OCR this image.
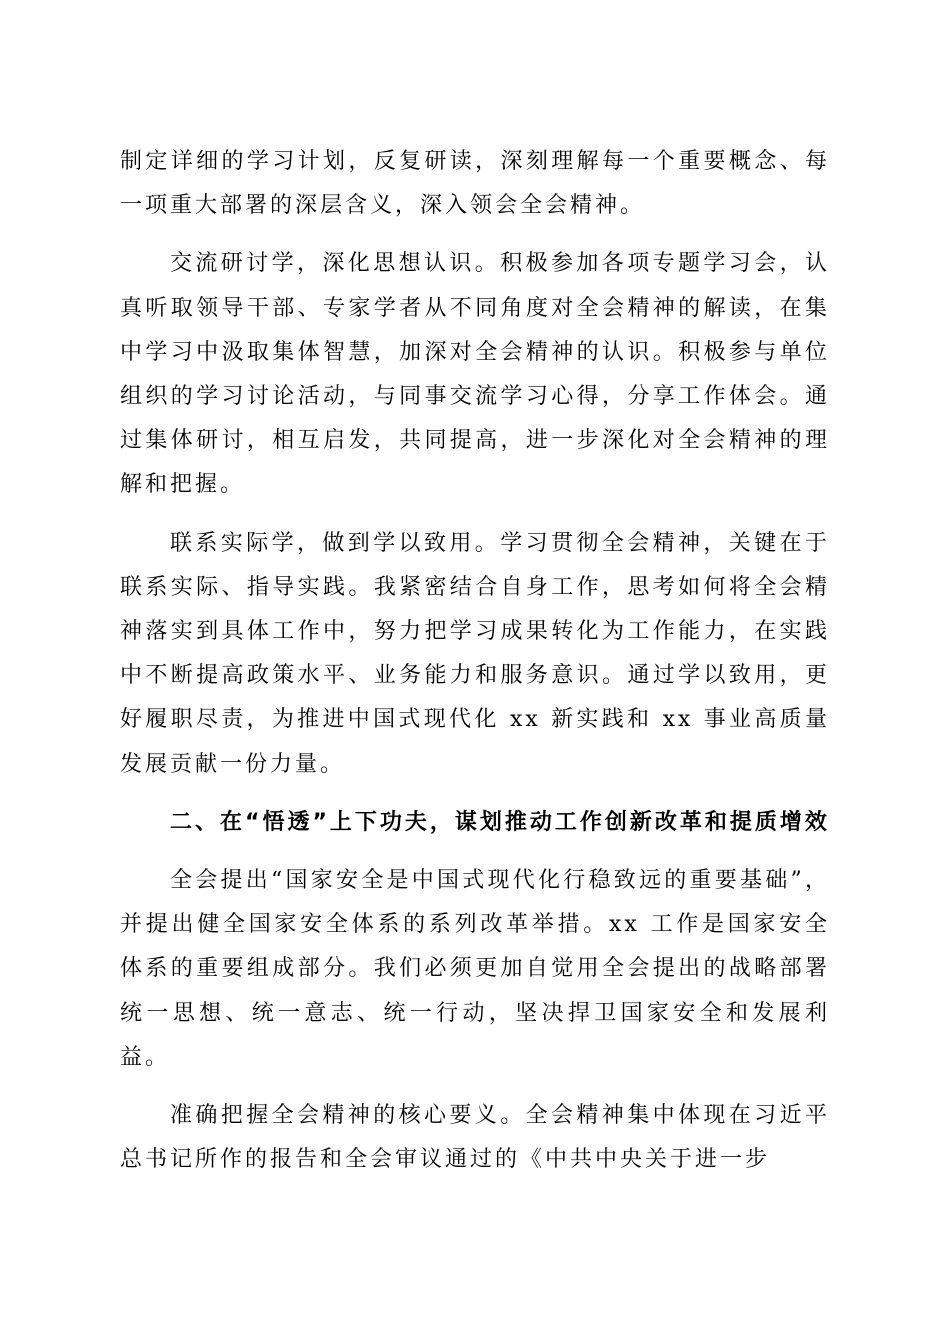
制定详细的学习计划，反复研读，深刻理解每一个重要概念、每一项重大部署的深层含义，深入领会全会精神。

交流研讨学，深化思想认识。积极参加各项专题学习会，认真听取领导干部、专家学者从不同角度对全会精神的解读，在集中学习中汲取集体智慧，加深对全会精神的认识。积极参与单位组织的学习讨论活动，与同事交流学习心得，分享工作体会。通过集体研讨，相互启发，共同提高，进一步深化对全会精神的理解和把握。

联系实际学，做到学以致用。学习贯彻全会精神，关键在于联系实际、指导实践。我紧密结合自身工作，思考如何将全会精神落实到具体工作中，努力把学习成果转化为工作能力，在实践中不断提高政策水平、业务能力和服务意识。通过学以致用，更好履职尽责，为推进中国式现代化 xx 新实践和 xx 事业高质量发展贡献一份力量。

二、在“悟透”上下功夫，谋划推动工作创新改革和提质增效

全会提出“国家安全是中国式现代化行稳致远的重要基础”，并提出健全国家安全体系的系列改革举措。xx 工作是国家安全体系的重要组成部分。我们必须更加自觉用全会提出的战略部署统一思想、统一意志、统一行动，坚决捍卫国家安全和发展利益。

准确把握全会精神的核心要义。全会精神集中体现在习近平总书记所作的报告和全会审议通过的《中共中央关于进一步
